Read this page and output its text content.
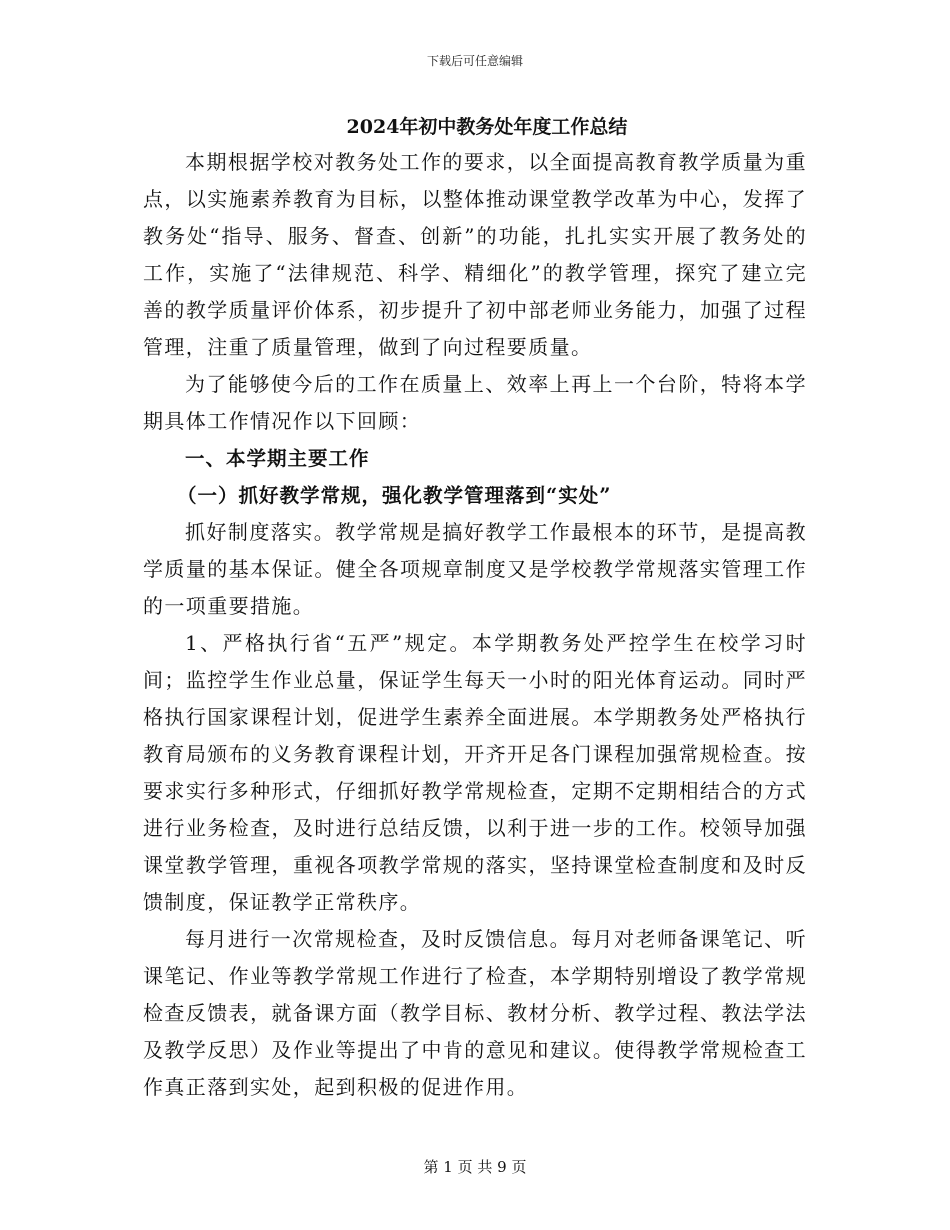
下载后可任意编辑
2024年初中教务处年度工作总结

本期根据学校对教务处工作的要求，以全面提高教育教学质量为重点，以实施素养教育为目标，以整体推动课堂教学改革为中心，发挥了教务处“指导、服务、督查、创新”的功能，扎扎实实开展了教务处的工作，实施了“法律规范、科学、精细化”的教学管理，探究了建立完善的教学质量评价体系，初步提升了初中部老师业务能力，加强了过程管理，注重了质量管理，做到了向过程要质量。

为了能够使今后的工作在质量上、效率上再上一个台阶，特将本学期具体工作情况作以下回顾：

一、本学期主要工作

（一）抓好教学常规，强化教学管理落到“实处”

抓好制度落实。教学常规是搞好教学工作最根本的环节，是提高教学质量的基本保证。健全各项规章制度又是学校教学常规落实管理工作的一项重要措施。

1、严格执行省“五严”规定。本学期教务处严控学生在校学习时间；监控学生作业总量，保证学生每天一小时的阳光体育运动。同时严格执行国家课程计划，促进学生素养全面进展。本学期教务处严格执行教育局颁布的义务教育课程计划，开齐开足各门课程加强常规检查。按要求实行多种形式，仔细抓好教学常规检查，定期不定期相结合的方式进行业务检查，及时进行总结反馈，以利于进一步的工作。校领导加强课堂教学管理，重视各项教学常规的落实，坚持课堂检查制度和及时反馈制度，保证教学正常秩序。

每月进行一次常规检查，及时反馈信息。每月对老师备课笔记、听课笔记、作业等教学常规工作进行了检查，本学期特别增设了教学常规检查反馈表，就备课方面（教学目标、教材分析、教学过程、教法学法及教学反思）及作业等提出了中肯的意见和建议。使得教学常规检查工作真正落到实处，起到积极的促进作用。

第 1 页 共 9 页
